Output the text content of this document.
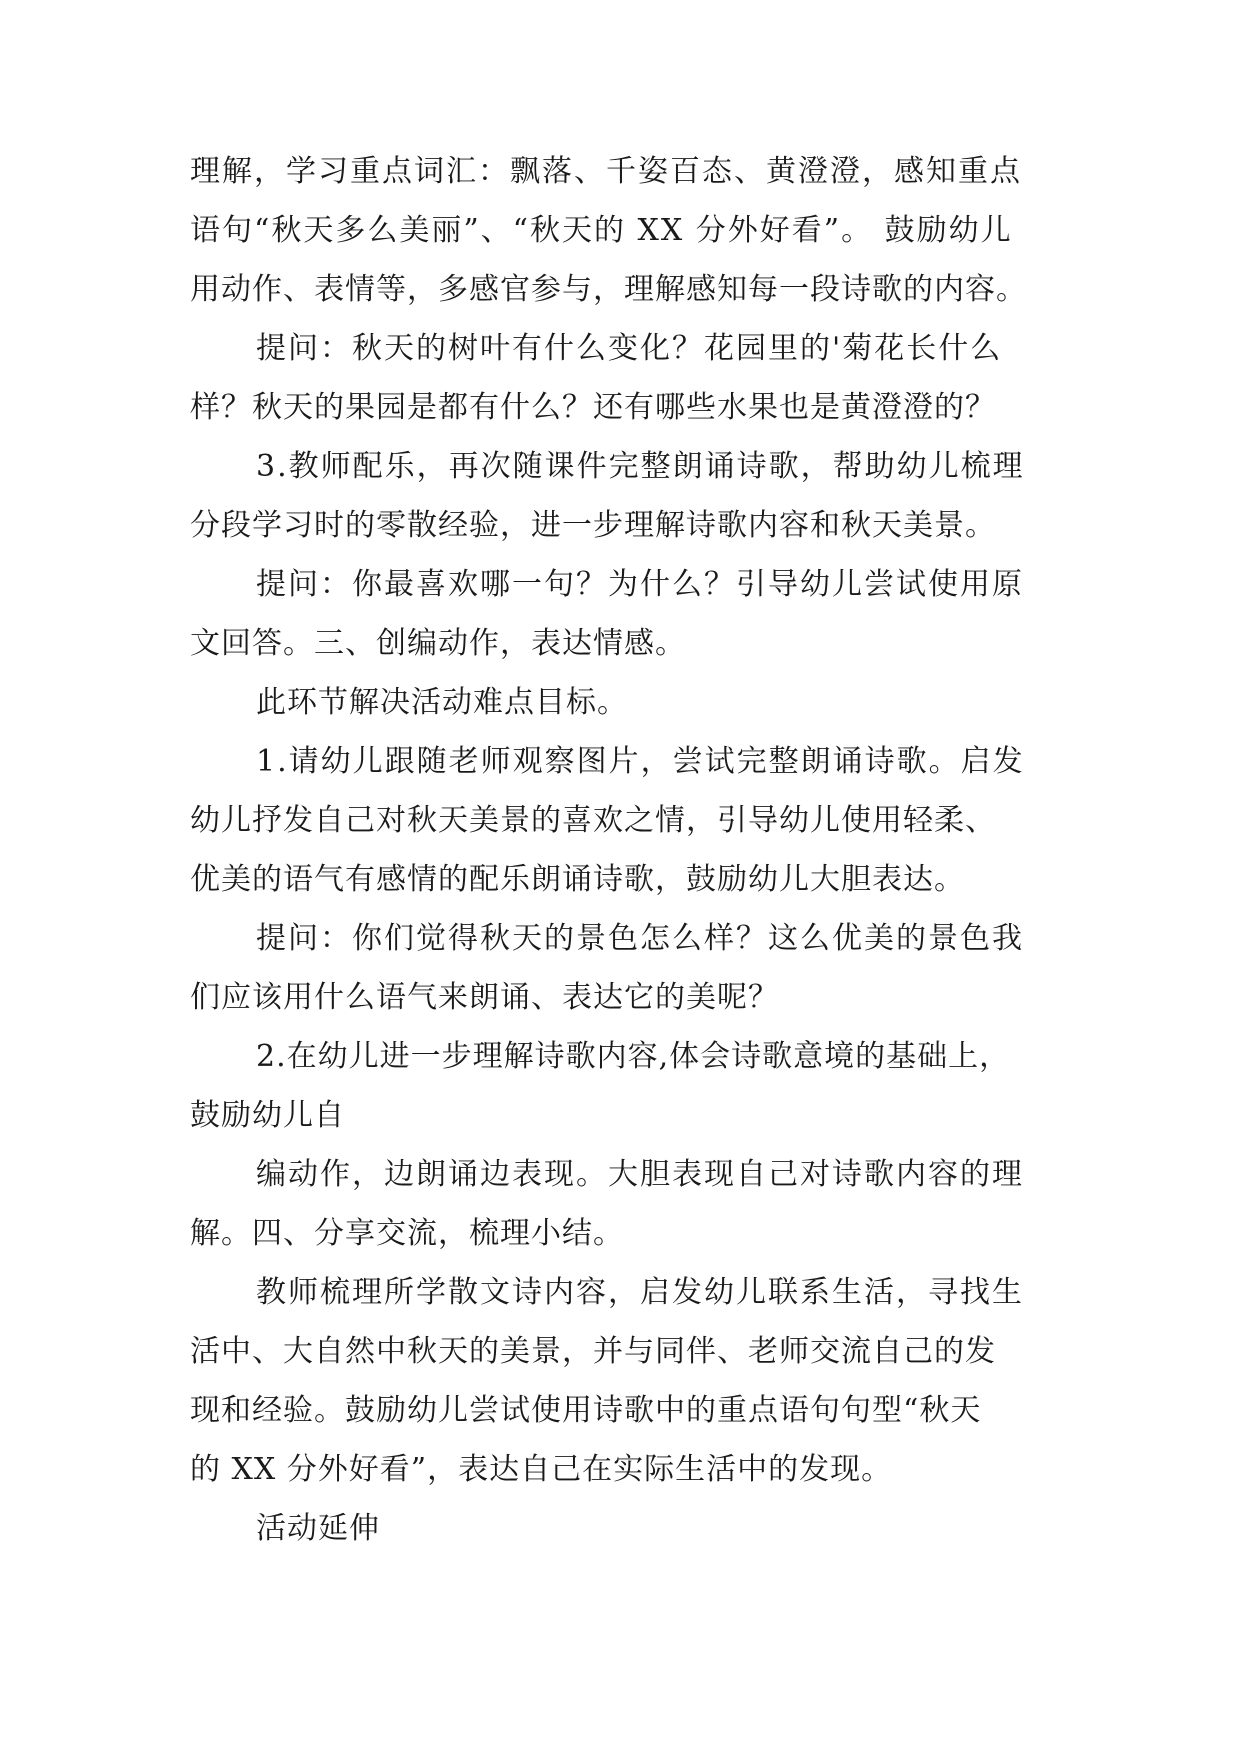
理解，学习重点词汇：飘落、千姿百态、黄澄澄，感知重点

语句“秋天多么美丽”、“秋天的 XX 分外好看”。 鼓励幼儿

用动作、表情等，多感官参与，理解感知每一段诗歌的内容。

提问：秋天的树叶有什么变化？花园里的'菊花长什么

样？秋天的果园是都有什么？还有哪些水果也是黄澄澄的？

3.教师配乐，再次随课件完整朗诵诗歌，帮助幼儿梳理

分段学习时的零散经验，进一步理解诗歌内容和秋天美景。

提问：你最喜欢哪一句？为什么？引导幼儿尝试使用原

文回答。三、创编动作，表达情感。

此环节解决活动难点目标。

1.请幼儿跟随老师观察图片，尝试完整朗诵诗歌。启发

幼儿抒发自己对秋天美景的喜欢之情，引导幼儿使用轻柔、

优美的语气有感情的配乐朗诵诗歌，鼓励幼儿大胆表达。

提问：你们觉得秋天的景色怎么样？这么优美的景色我

们应该用什么语气来朗诵、表达它的美呢？

2.在幼儿进一步理解诗歌内容,体会诗歌意境的基础上，

鼓励幼儿自

编动作，边朗诵边表现。大胆表现自己对诗歌内容的理

解。四、分享交流，梳理小结。

教师梳理所学散文诗内容，启发幼儿联系生活，寻找生

活中、大自然中秋天的美景，并与同伴、老师交流自己的发

现和经验。鼓励幼儿尝试使用诗歌中的重点语句句型“秋天

的 XX 分外好看”，表达自己在实际生活中的发现。

活动延伸
